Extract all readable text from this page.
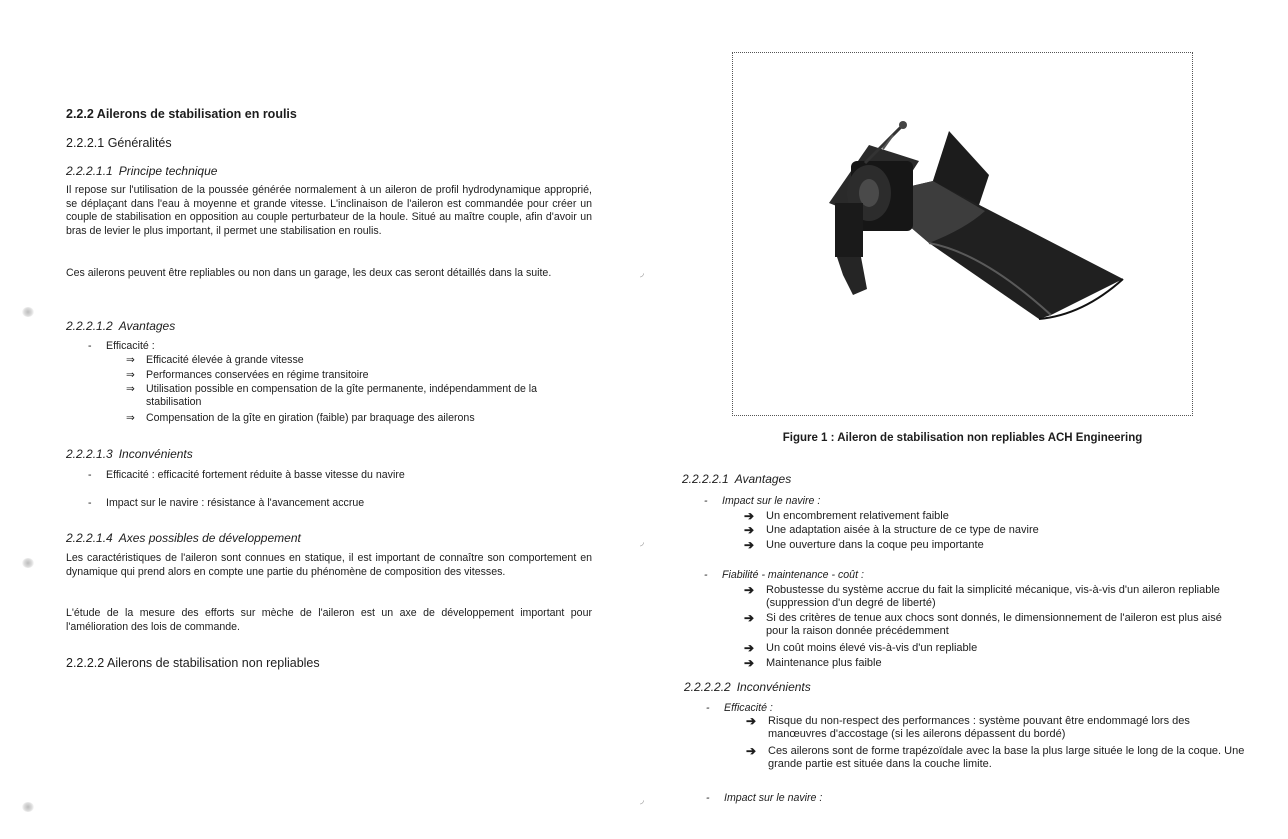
◞
◞
◞
2.2.2 Ailerons de stabilisation en roulis
2.2.2.1 Généralités
2.2.2.1.1 Principe technique
Il repose sur l'utilisation de la poussée générée normalement à un aileron de profil hydrodynamique approprié, se déplaçant dans l'eau à moyenne et grande vitesse. L'inclinaison de l'aileron est commandée pour créer un couple de stabilisation en opposition au couple perturbateur de la houle. Situé au maître couple, afin d'avoir un bras de levier le plus important, il permet une stabilisation en roulis.
Ces ailerons peuvent être repliables ou non dans un garage, les deux cas seront détaillés dans la suite.
2.2.2.1.2 Avantages
- Efficacité :
⇒ Efficacité élevée à grande vitesse
⇒ Performances conservées en régime transitoire
⇒ Utilisation possible en compensation de la gîte permanente, indépendamment de la stabilisation
⇒ Compensation de la gîte en giration (faible) par braquage des ailerons
2.2.2.1.3 Inconvénients
- Efficacité : efficacité fortement réduite à basse vitesse du navire
- Impact sur le navire : résistance à l'avancement accrue
2.2.2.1.4 Axes possibles de développement
Les caractéristiques de l'aileron sont connues en statique, il est important de connaître son comportement en dynamique qui prend alors en compte une partie du phénomène de composition des vitesses.
L'étude de la mesure des efforts sur mèche de l'aileron est un axe de développement important pour l'amélioration des lois de commande.
2.2.2.2 Ailerons de stabilisation non repliables
Figure 1 : Aileron de stabilisation non repliables ACH Engineering
2.2.2.2.1 Avantages
- Impact sur le navire :
➔ Un encombrement relativement faible
➔ Une adaptation aisée à la structure de ce type de navire
➔ Une ouverture dans la coque peu importante
- Fiabilité - maintenance - coût :
➔ Robustesse du système accrue du fait la simplicité mécanique, vis-à-vis d'un aileron repliable (suppression d'un degré de liberté)
➔ Si des critères de tenue aux chocs sont donnés, le dimensionnement de l'aileron est plus aisé pour la raison donnée précédemment
➔ Un coût moins élevé vis-à-vis d'un repliable
➔ Maintenance plus faible
2.2.2.2.2 Inconvénients
- Efficacité :
➔ Risque du non-respect des performances : système pouvant être endommagé lors des manœuvres d'accostage (si les ailerons dépassent du bordé)
➔ Ces ailerons sont de forme trapézoïdale avec la base la plus large située le long de la coque. Une grande partie est située dans la couche limite.
- Impact sur le navire :
